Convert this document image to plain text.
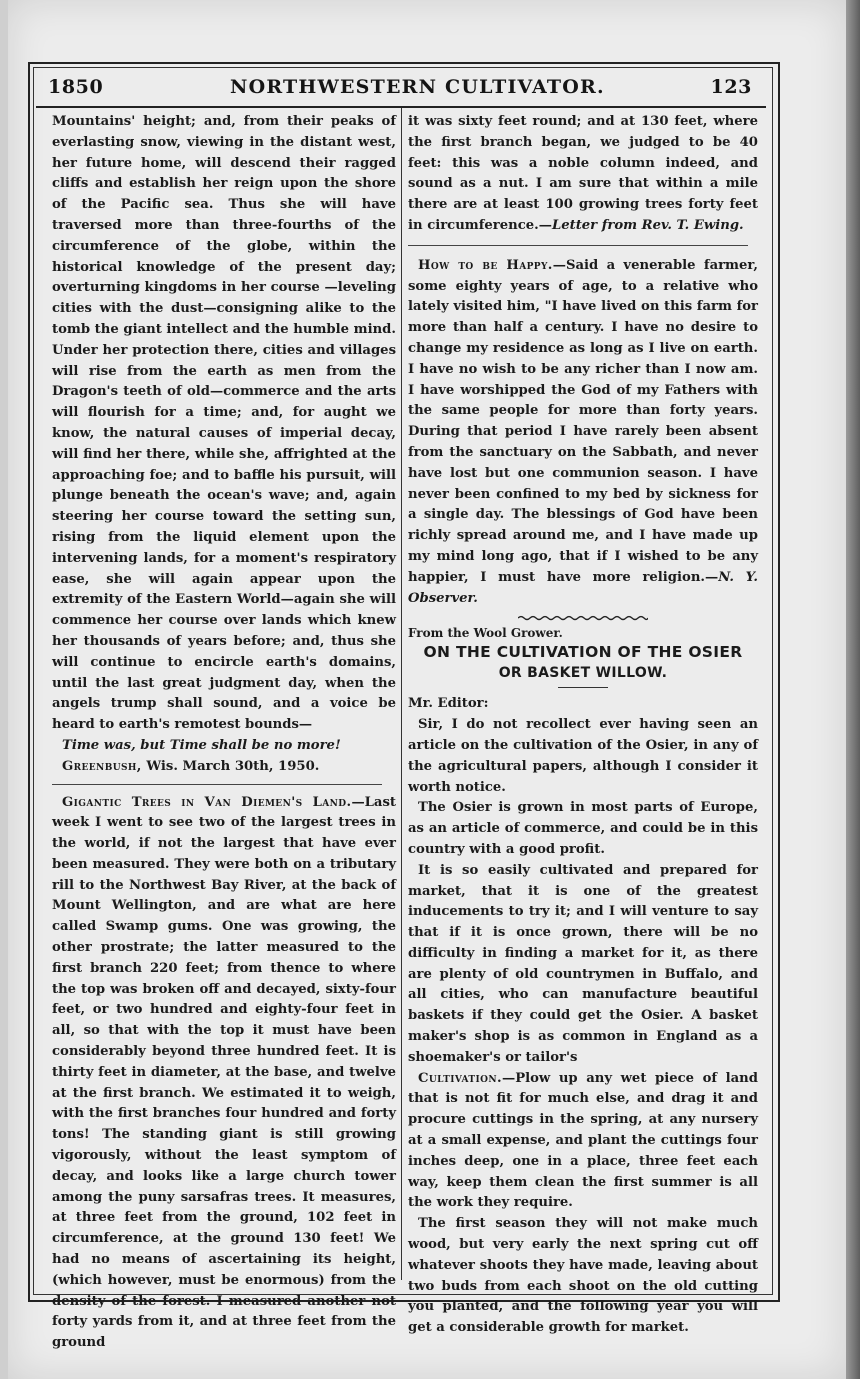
1850	NORTHWESTERN CULTIVATOR.	123

Mountains' height; and, from their peaks of everlasting snow, viewing in the distant west, her future home, will descend their ragged cliffs and establish her reign upon the shore of the Pacific sea. Thus she will have traversed more than three-fourths of the circumference of the globe, within the historical knowledge of the present day; overturning kingdoms in her course —leveling cities with the dust—consigning alike to the tomb the giant intellect and the humble mind. Under her protection there, cities and villages will rise from the earth as men from the Dragon's teeth of old—commerce and the arts will flourish for a time; and, for aught we know, the natural causes of imperial decay, will find her there, while she, affrighted at the approaching foe; and to baffle his pursuit, will plunge beneath the ocean's wave; and, again steering her course toward the setting sun, rising from the liquid element upon the intervening lands, for a moment's respiratory ease, she will again appear upon the extremity of the Eastern World—again she will commence her course over lands which knew her thousands of years before; and, thus she will continue to encircle earth's domains, until the last great judgment day, when the angels trump shall sound, and a voice be heard to earth's remotest bounds—

Time was, but Time shall be no more!

Greenbush, Wis. March 30th, 1950.

Gigantic Trees in Van Diemen's Land.—Last week I went to see two of the largest trees in the world, if not the largest that have ever been measured. They were both on a tributary rill to the Northwest Bay River, at the back of Mount Wellington, and are what are here called Swamp gums. One was growing, the other prostrate; the latter measured to the first branch 220 feet; from thence to where the top was broken off and decayed, sixty-four feet, or two hundred and eighty-four feet in all, so that with the top it must have been considerably beyond three hundred feet. It is thirty feet in diameter, at the base, and twelve at the first branch. We estimated it to weigh, with the first branches four hundred and forty tons! The standing giant is still growing vigorously, without the least symptom of decay, and looks like a large church tower among the puny sarsafras trees. It measures, at three feet from the ground, 102 feet in circumference, at the ground 130 feet! We had no means of ascertaining its height, (which however, must be enormous) from the density of the forest. I measured another not forty yards from it, and at three feet from the ground

it was sixty feet round; and at 130 feet, where the first branch began, we judged to be 40 feet: this was a noble column indeed, and sound as a nut. I am sure that within a mile there are at least 100 growing trees forty feet in circumference.—Letter from Rev. T. Ewing.

How to be Happy.—Said a venerable farmer, some eighty years of age, to a relative who lately visited him, "I have lived on this farm for more than half a century. I have no desire to change my residence as long as I live on earth. I have no wish to be any richer than I now am. I have worshipped the God of my Fathers with the same people for more than forty years. During that period I have rarely been absent from the sanctuary on the Sabbath, and never have lost but one communion season. I have never been confined to my bed by sickness for a single day. The blessings of God have been richly spread around me, and I have made up my mind long ago, that if I wished to be any happier, I must have more religion.—N. Y. Observer.

From the Wool Grower.

ON THE CULTIVATION OF THE OSIER
OR BASKET WILLOW.

Mr. Editor:

Sir, I do not recollect ever having seen an article on the cultivation of the Osier, in any of the agricultural papers, although I consider it worth notice.

The Osier is grown in most parts of Europe, as an article of commerce, and could be in this country with a good profit.

It is so easily cultivated and prepared for market, that it is one of the greatest inducements to try it; and I will venture to say that if it is once grown, there will be no difficulty in finding a market for it, as there are plenty of old countrymen in Buffalo, and all cities, who can manufacture beautiful baskets if they could get the Osier. A basket maker's shop is as common in England as a shoemaker's or tailor's

Cultivation.—Plow up any wet piece of land that is not fit for much else, and drag it and procure cuttings in the spring, at any nursery at a small expense, and plant the cuttings four inches deep, one in a place, three feet each way, keep them clean the first summer is all the work they require.

The first season they will not make much wood, but very early the next spring cut off whatever shoots they have made, leaving about two buds from each shoot on the old cutting you planted, and the following year you will get a considerable growth for market.
